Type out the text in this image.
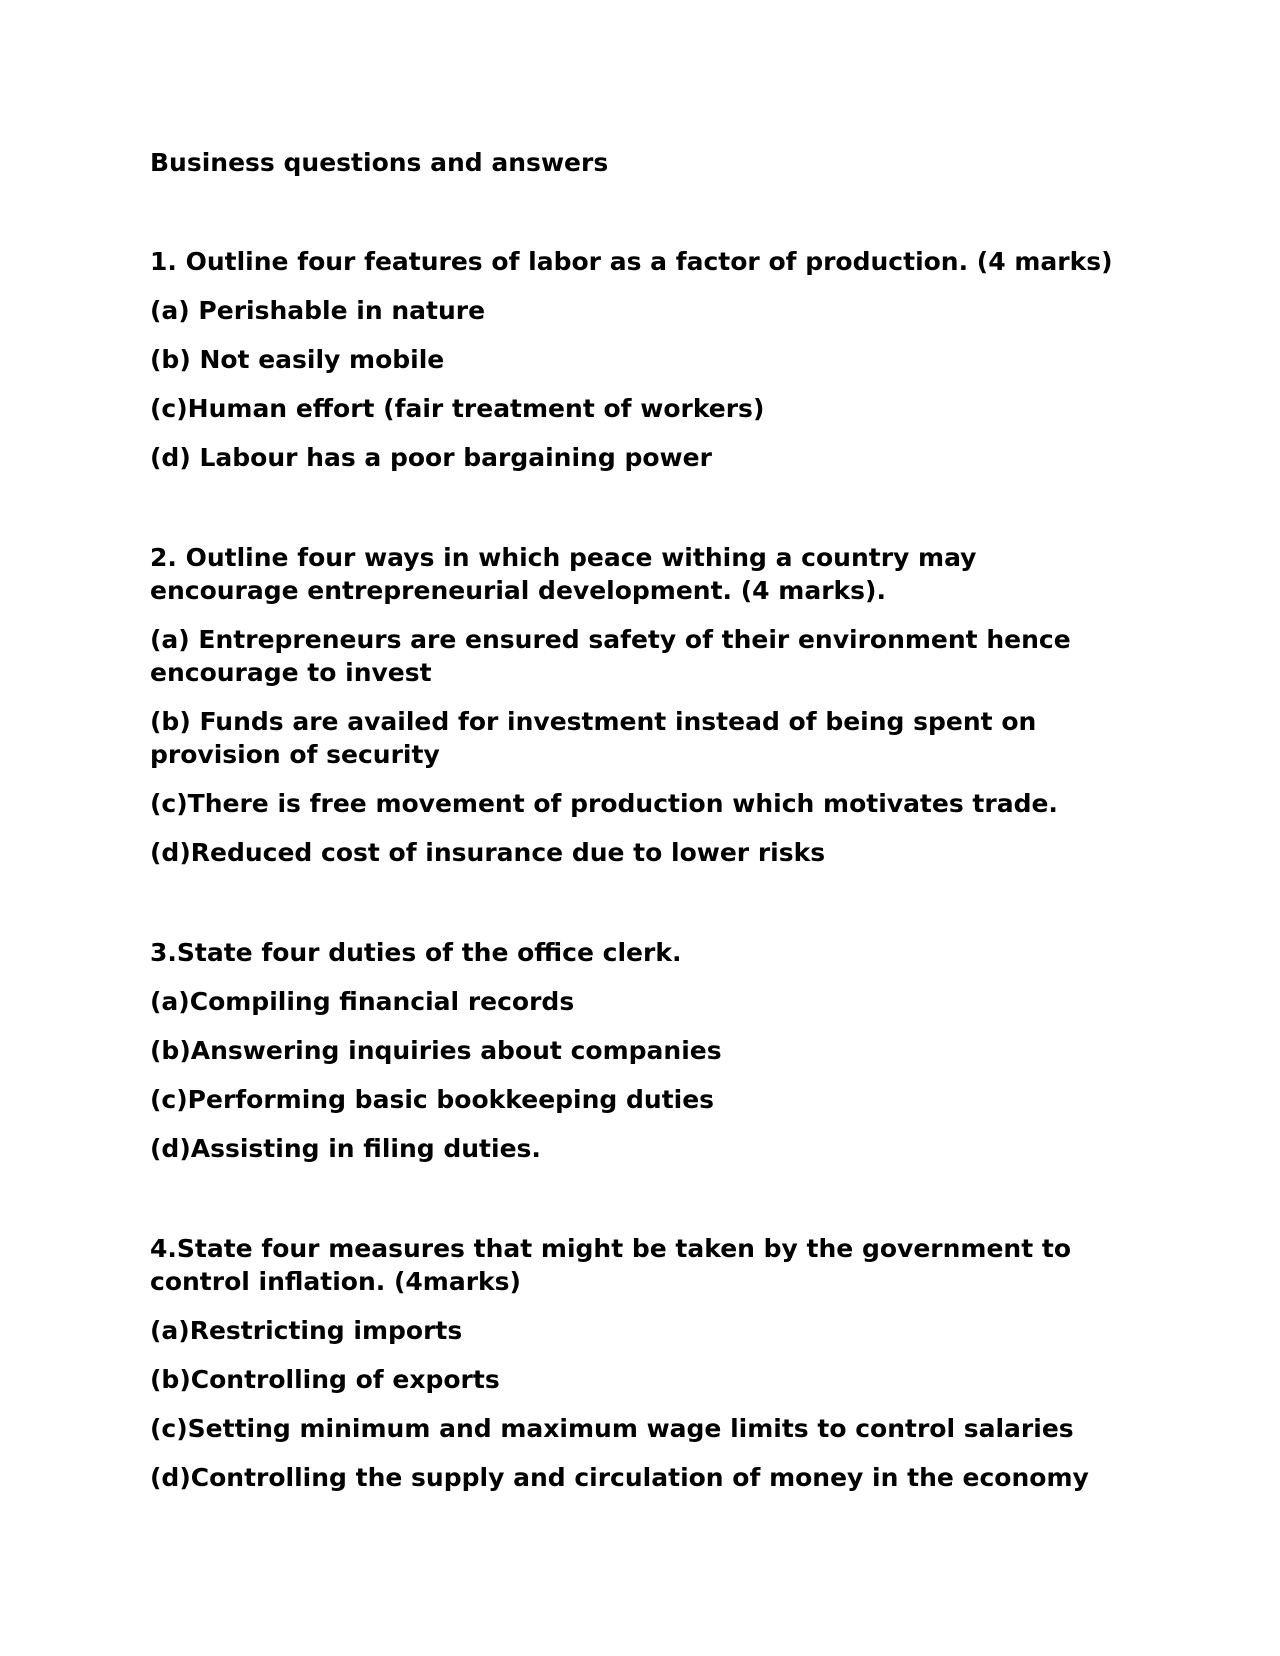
Business questions and answers
1. Outline four features of labor as a factor of production. (4 marks)
(a) Perishable in nature
(b) Not easily mobile
(c)Human effort (fair treatment of workers)
(d) Labour has a poor bargaining power
2. Outline four ways in which peace withing a country may encourage entrepreneurial development. (4 marks).
(a) Entrepreneurs are ensured safety of their environment hence encourage to invest
(b) Funds are availed for investment instead of being spent on provision of security
(c)There is free movement of production which motivates trade.
(d)Reduced cost of insurance due to lower risks
3.State four duties of the office clerk.
(a)Compiling financial records
(b)Answering inquiries about companies
(c)Performing basic bookkeeping duties
(d)Assisting in filing duties.
4.State four measures that might be taken by the government to control inflation. (4marks)
(a)Restricting imports
(b)Controlling of exports
(c)Setting minimum and maximum wage limits to control salaries
(d)Controlling the supply and circulation of money in the economy
